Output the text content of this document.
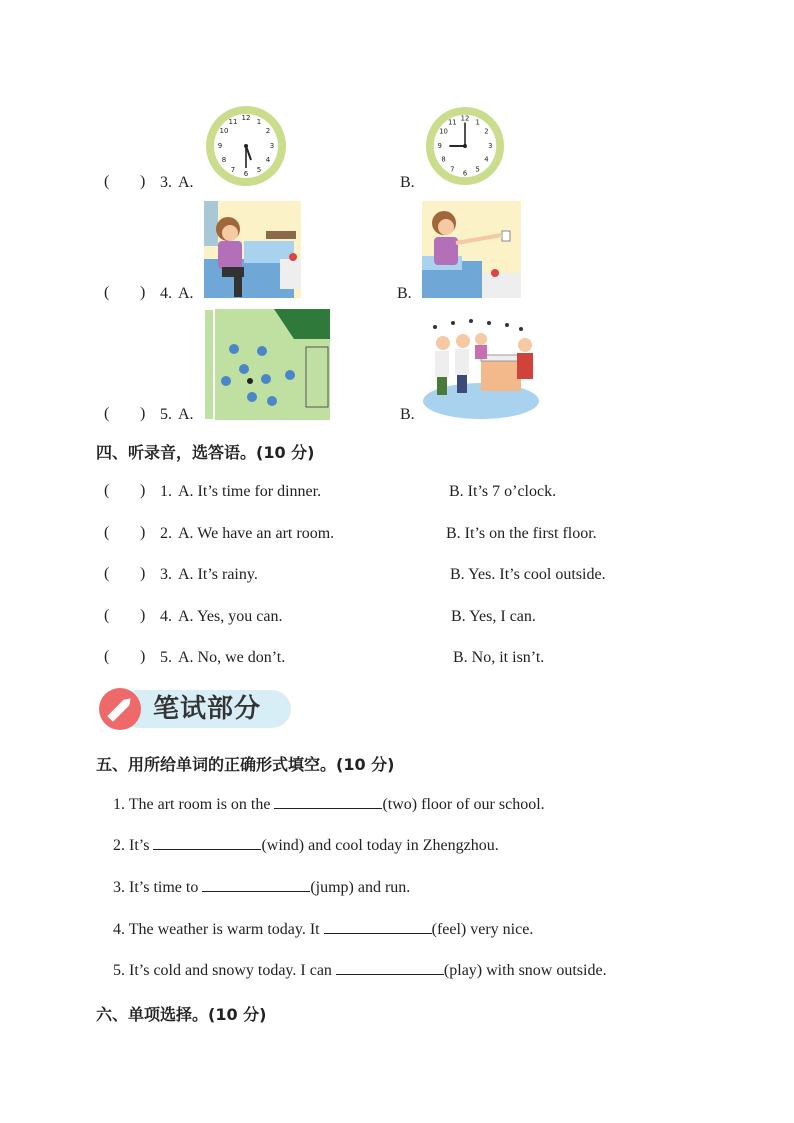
( ) 3. A.	B.
12 1
2
3
4
5
6
7
8
9
10
11	12 1
2
3
4
5
6
7
8
9
10
11
( ) 4. A.	B.
( ) 5. A.	B.
四、听录音，选答语。(10 分)
( ) 1. A. It’s time for dinner.	B. It’s 7 o’clock.
( ) 2. A. We have an art room.	B. It’s on the first floor.
( ) 3. A. It’s rainy.	B. Yes. It’s cool outside.
( ) 4. A. Yes, you can.	B. Yes, I can.
( ) 5. A. No, we don’t.	B. No, it isn’t.
笔试部分
五、用所给单词的正确形式填空。(10 分)
1. The art room is on the	(two) floor of our school.
2. It’s	(wind) and cool today in Zhengzhou.
3. It’s time to	(jump) and run.
4. The weather is warm today. It	(feel) very nice.
5. It’s cold and snowy today. I can	(play) with snow outside.
六、单项选择。(10 分)
